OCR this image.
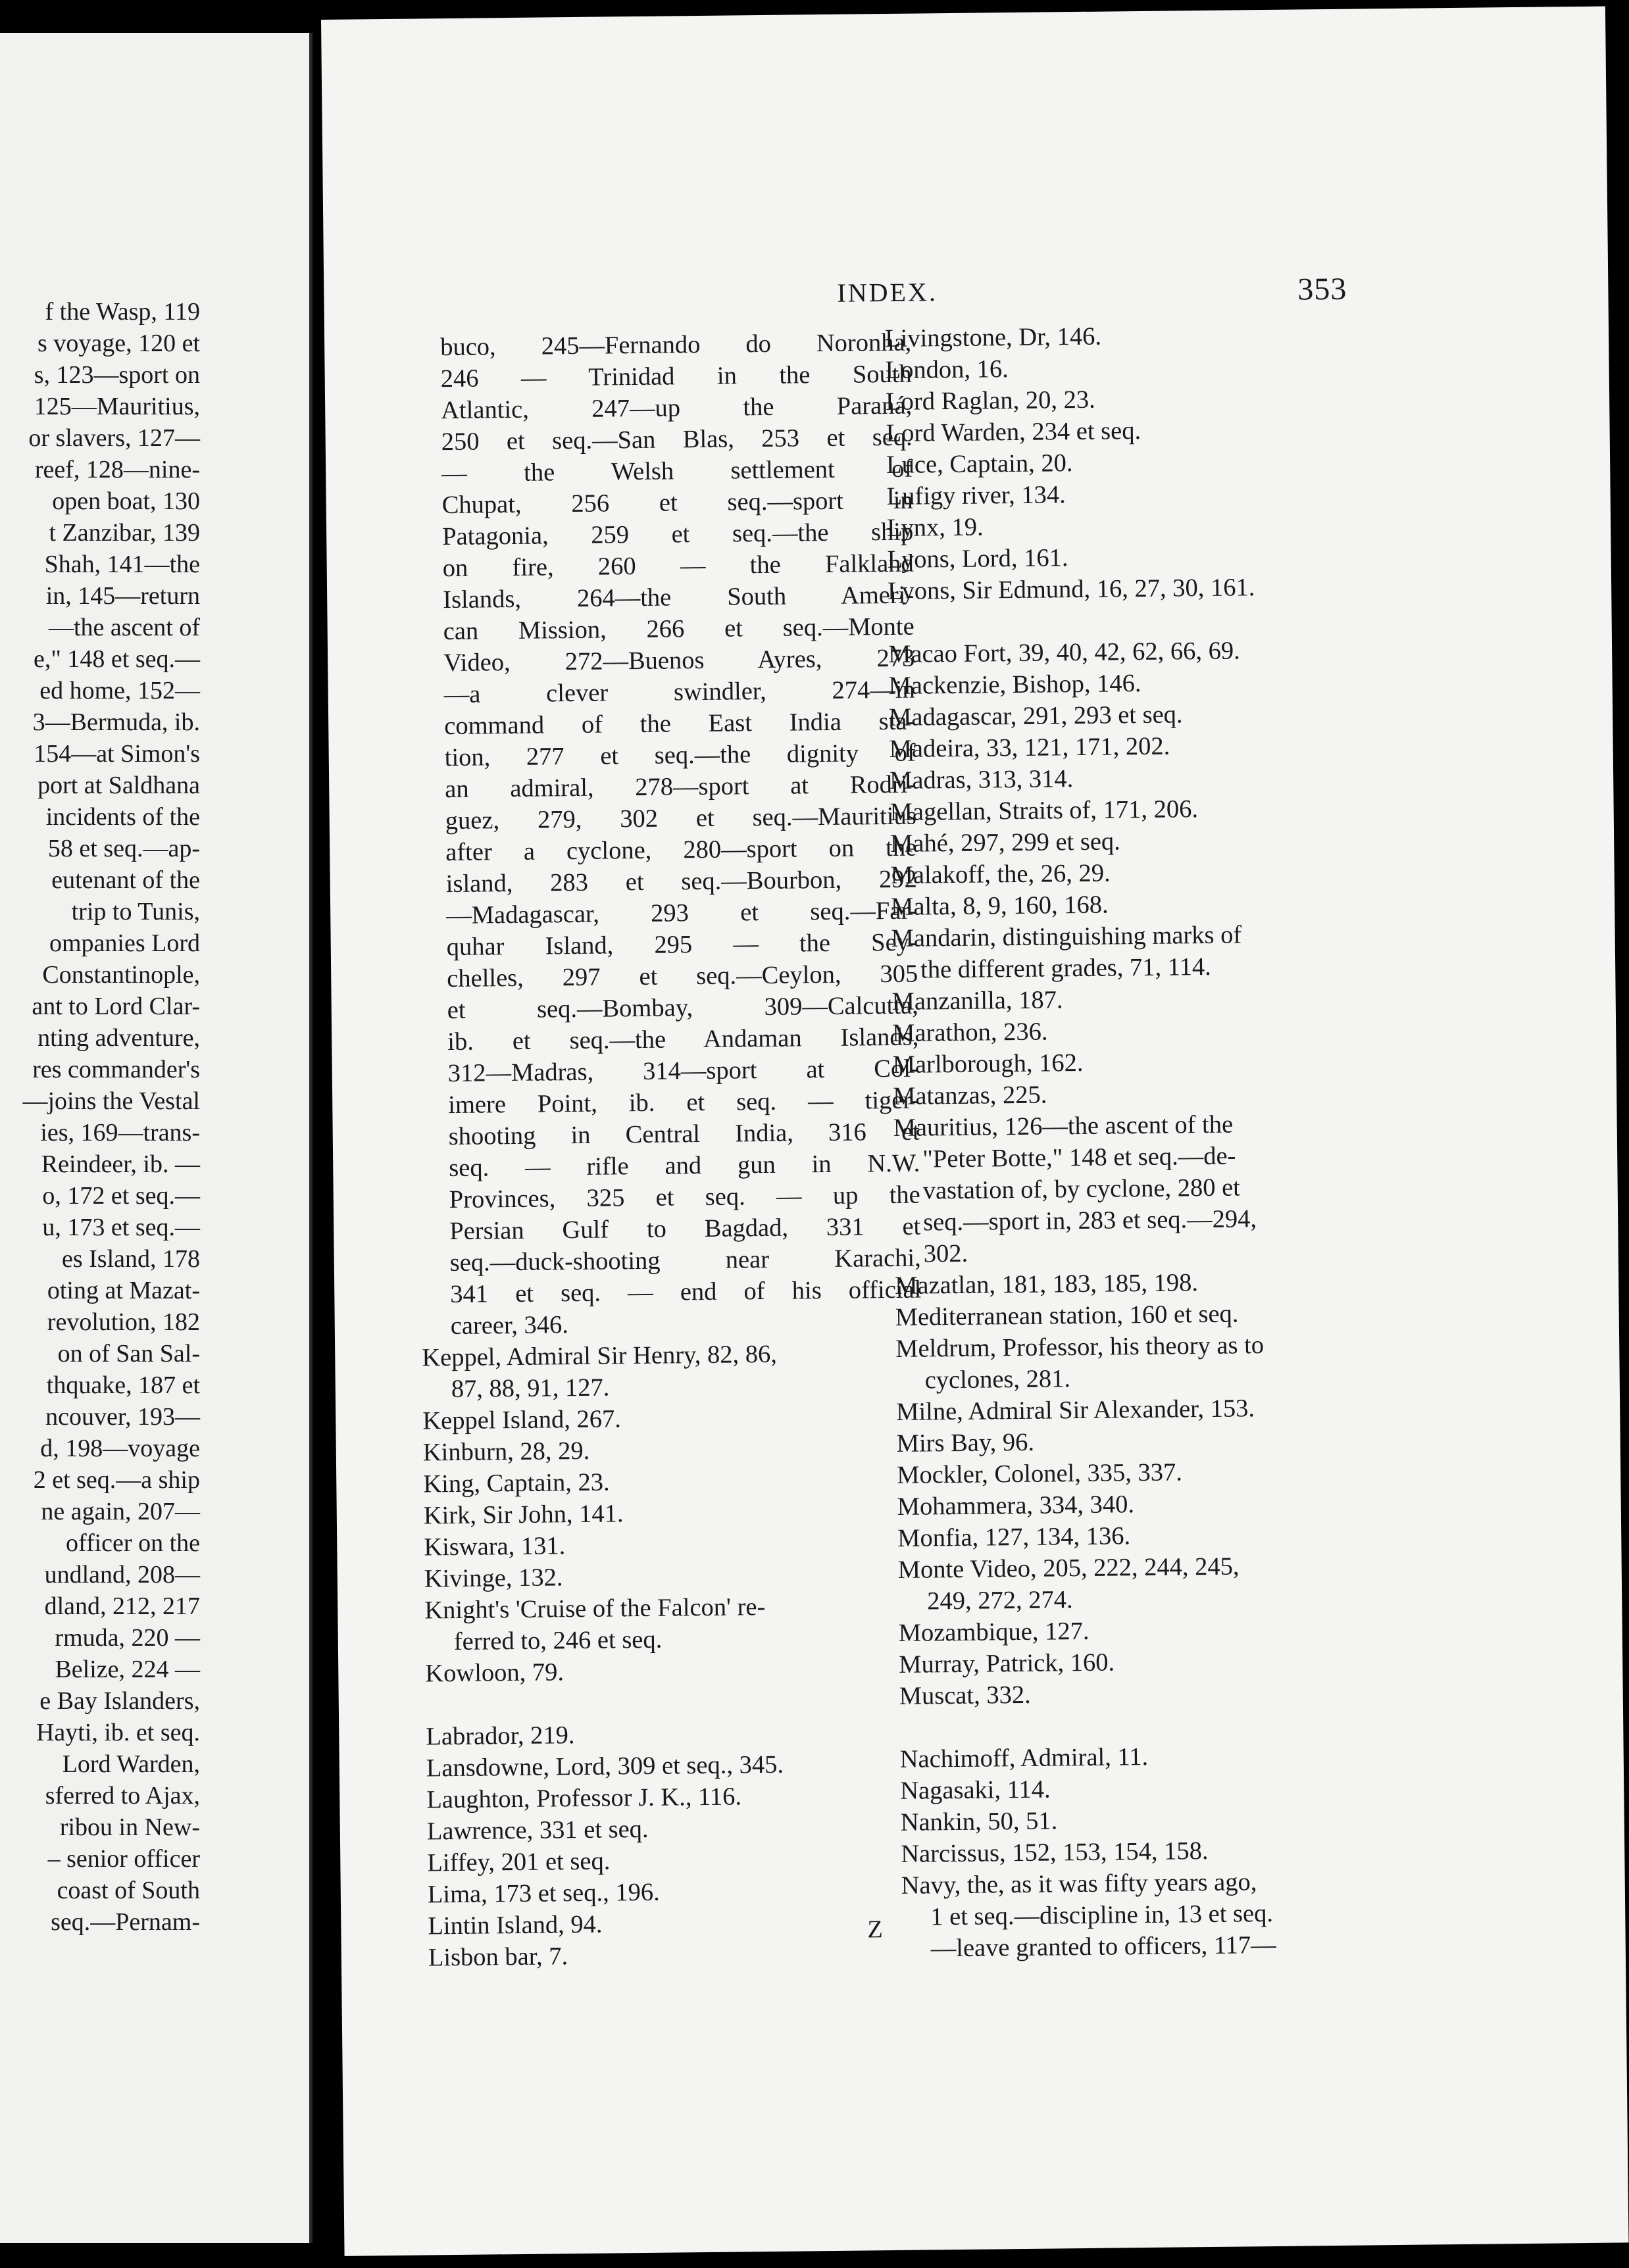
f the Wasp, 119
s voyage, 120 et
s, 123—sport on
125—Mauritius,
or slavers, 127—
reef, 128—nine-
open boat, 130
t Zanzibar, 139
Shah, 141—the
in, 145—return
—the ascent of
e," 148 et seq.—
ed home, 152—
3—Bermuda, ib.
154—at Simon's
port at Saldhana
incidents of the
58 et seq.—ap-
eutenant of the
trip to Tunis,
ompanies Lord
Constantinople,
ant to Lord Clar-
nting adventure,
res commander's
—joins the Vestal
ies, 169—trans-
Reindeer, ib. —
o, 172 et seq.—
u, 173 et seq.—
es Island, 178
oting at Mazat-
revolution, 182
on of San Sal-
thquake, 187 et
ncouver, 193—
d, 198—voyage
2 et seq.—a ship
ne again, 207—
officer on the
undland, 208—
dland, 212, 217
rmuda, 220 —
Belize, 224 —
e Bay Islanders,
Hayti, ib. et seq.
Lord Warden,
sferred to Ajax,
ribou in New-
– senior officer
coast of South
seq.—Pernam-
INDEX.	353
buco, 245—Fernando do Noronha,
246 — Trinidad in the South
Atlantic, 247—up the Paraná,
250 et seq.—San Blas, 253 et seq.
— the Welsh settlement of
Chupat, 256 et seq.—sport in
Patagonia, 259 et seq.—the ship
on fire, 260 — the Falkland
Islands, 264—the South Ameri-
can Mission, 266 et seq.—Monte
Video, 272—Buenos Ayres, 273
—a clever swindler, 274—in
command of the East India sta-
tion, 277 et seq.—the dignity of
an admiral, 278—sport at Rodri-
guez, 279, 302 et seq.—Mauritius
after a cyclone, 280—sport on the
island, 283 et seq.—Bourbon, 292
—Madagascar, 293 et seq.—Far-
quhar Island, 295 — the Sey-
chelles, 297 et seq.—Ceylon, 305
et seq.—Bombay, 309—Calcutta,
ib. et seq.—the Andaman Islands,
312—Madras, 314—sport at Col-
imere Point, ib. et seq. — tiger-
shooting in Central India, 316 et
seq. — rifle and gun in N.W.
Provinces, 325 et seq. — up the
Persian Gulf to Bagdad, 331 et
seq.—duck-shooting near Karachi,
341 et seq. — end of his official
career, 346.
Keppel, Admiral Sir Henry, 82, 86,
87, 88, 91, 127.
Keppel Island, 267.
Kinburn, 28, 29.
King, Captain, 23.
Kirk, Sir John, 141.
Kiswara, 131.
Kivinge, 132.
Knight's 'Cruise of the Falcon' re-
ferred to, 246 et seq.
Kowloon, 79.
Labrador, 219.
Lansdowne, Lord, 309 et seq., 345.
Laughton, Professor J. K., 116.
Lawrence, 331 et seq.
Liffey, 201 et seq.
Lima, 173 et seq., 196.
Lintin Island, 94.
Lisbon bar, 7.
Livingstone, Dr, 146.
London, 16.
Lord Raglan, 20, 23.
Lord Warden, 234 et seq.
Luce, Captain, 20.
Lufigy river, 134.
Lynx, 19.
Lyons, Lord, 161.
Lyons, Sir Edmund, 16, 27, 30, 161.
Macao Fort, 39, 40, 42, 62, 66, 69.
Mackenzie, Bishop, 146.
Madagascar, 291, 293 et seq.
Madeira, 33, 121, 171, 202.
Madras, 313, 314.
Magellan, Straits of, 171, 206.
Mahé, 297, 299 et seq.
Malakoff, the, 26, 29.
Malta, 8, 9, 160, 168.
Mandarin, distinguishing marks of
the different grades, 71, 114.
Manzanilla, 187.
Marathon, 236.
Marlborough, 162.
Matanzas, 225.
Mauritius, 126—the ascent of the
"Peter Botte," 148 et seq.—de-
vastation of, by cyclone, 280 et
seq.—sport in, 283 et seq.—294,
302.
Mazatlan, 181, 183, 185, 198.
Mediterranean station, 160 et seq.
Meldrum, Professor, his theory as to
cyclones, 281.
Milne, Admiral Sir Alexander, 153.
Mirs Bay, 96.
Mockler, Colonel, 335, 337.
Mohammera, 334, 340.
Monfia, 127, 134, 136.
Monte Video, 205, 222, 244, 245,
249, 272, 274.
Mozambique, 127.
Murray, Patrick, 160.
Muscat, 332.
Nachimoff, Admiral, 11.
Nagasaki, 114.
Nankin, 50, 51.
Narcissus, 152, 153, 154, 158.
Navy, the, as it was fifty years ago,
1 et seq.—discipline in, 13 et seq.
—leave granted to officers, 117—
Z
